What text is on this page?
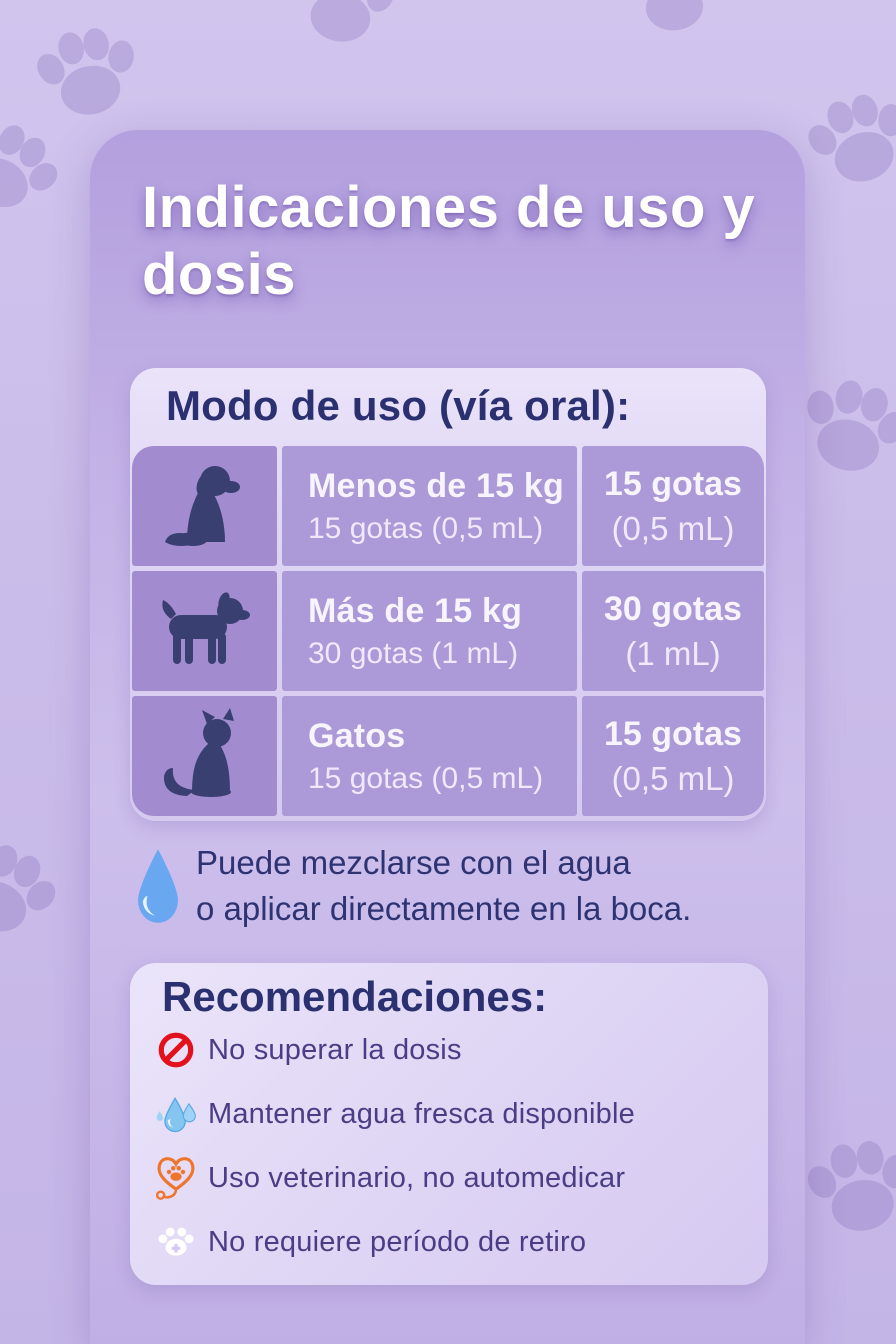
Indicaciones de uso y
dosis
Modo de uso (vía oral):
Menos de 15 kg
15 gotas (0,5 mL)
15 gotas
(0,5 mL)
Más de 15 kg
30 gotas (1 mL)
30 gotas
(1 mL)
Gatos
15 gotas (0,5 mL)
15 gotas
(0,5 mL)
Puede mezclarse con el agua
o aplicar directamente en la boca.
Recomendaciones:
No superar la dosis
Mantener agua fresca disponible
Uso veterinario, no automedicar
No requiere período de retiro
